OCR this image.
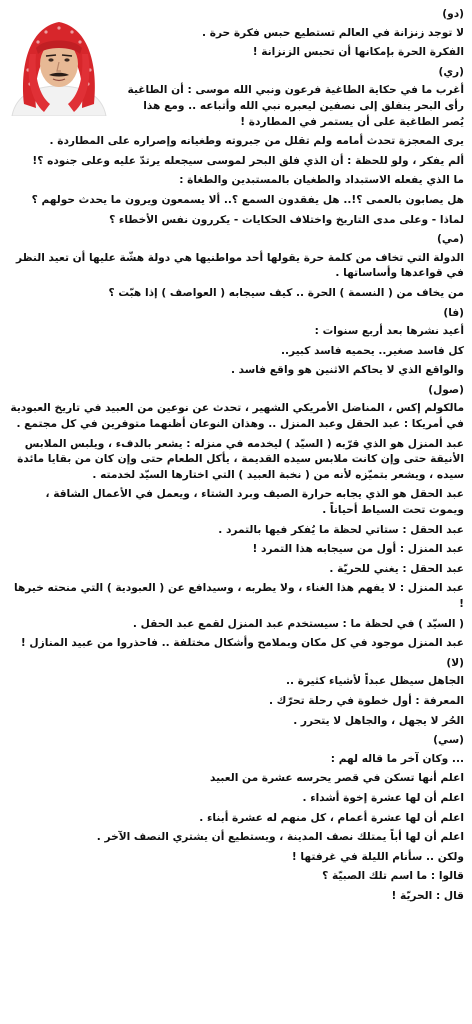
(دو)

لا توجد زنزانة في العالم تستطيع حبس فكرة حرة .

الفكرة الحرة بإمكانها أن تحبس الزنزانة !

(ري)

أغرب ما في حكاية الطاغية فرعون ونبي الله موسى : أن الطاغية رأى البحر ينفلق إلى نصفين ليعبره نبي الله وأتباعه .. ومع هذا يُصر الطاغية على أن يستمر في المطاردة !

يرى المعجزة تحدث أمامه ولم تقلل من جبروته وطغيانه وإصراره على المطاردة .

ألم يفكر ، ولو للحظة : أن الذي فلق البحر لموسى سيجعله يرتدّ عليه وعلى جنوده ؟!

ما الذي يفعله الاستبداد والطغيان بالمستبدين والطغاة :

هل يصابون بالعمى ؟!.. هل يفقدون السمع ؟.. ألا يسمعون ويرون ما يحدث حولهم ؟

لماذا - وعلى مدى التاريخ واختلاف الحكايات - يكررون نفس الأخطاء ؟

(مي)

الدولة التي تخاف من كلمة حرة يقولها أحد مواطنيها هي دولة هشّة عليها أن تعيد النظر في قواعدها وأساساتها .

من يخاف من ( النسمة ) الحرة .. كيف سيجابه ( العواصف ) إذا هبّت ؟

(فا)

أعيد نشرها بعد أربع سنوات :

كل فاسد صغير.. يحميه فاسد كبير..

والواقع الذي لا يحاكم الاثنين هو واقع فاسد .

(صول)

مالكولم إكس ، المناضل الأمريكي الشهير ، تحدث عن نوعين من العبيد في تاريخ العبودية في أمريكا : عبد الحقل وعبد المنزل .. وهذان النوعان أظنهما متوفرين في كل مجتمع .

عبد المنزل هو الذي قرّبه ( السيّد ) ليخدمه في منزله : يشعر بالدفء ، ويلبس الملابس الأنيقة حتى وإن كانت ملابس سيده القديمة ، يأكل الطعام حتى وإن كان من بقايا مائدة سيده ، ويشعر بتميّزه لأنه من ( نخبة العبيد ) التي اختارها السيّد لخدمته .

عبد الحقل هو الذي يجابه حرارة الصيف وبرد الشتاء ، ويعمل في الأعمال الشاقة ، ويموت تحت السياط أحياناً .

عبد الحقل : ستاتي لحظة ما يُفكر فيها بالتمرد .

عبد المنزل : أول من سيجابه هذا التمرد !

عبد الحقل : يغني للحريّة .

عبد المنزل : لا يفهم هذا الغناء ، ولا يطربه ، وسيدافع عن ( العبودية ) التي منحته خيرها !

( السيّد ) في لحظة ما : سيستخدم عبد المنزل لقمع عبد الحقل .

عبد المنزل موجود في كل مكان وبملامح وأشكال مختلفة .. فاحذروا من عبيد المنازل !

(لا)

الجاهل سيظل عبداً لأشياء كثيرة ..

المعرفة : أول خطوة في رحلة تحرّك .

الحُر لا يجهل ، والجاهل لا يتحرر .

(سي)

... وكان آخر ما قاله لهم :

اعلم أنها تسكن في قصر يحرسه عشرة من العبيد

اعلم أن لها عشرة إخوة أشداء .

اعلم أن لها عشرة أعمام ، كل منهم له عشرة أبناء .

اعلم أن لها أباً يمتلك نصف المدينة ، ويستطيع أن يشتري النصف الآخر .

ولكن .. سأنام الليلة في غرفتها !

قالوا : ما اسم تلك الصبيّة ؟

قال : الحريّة !
